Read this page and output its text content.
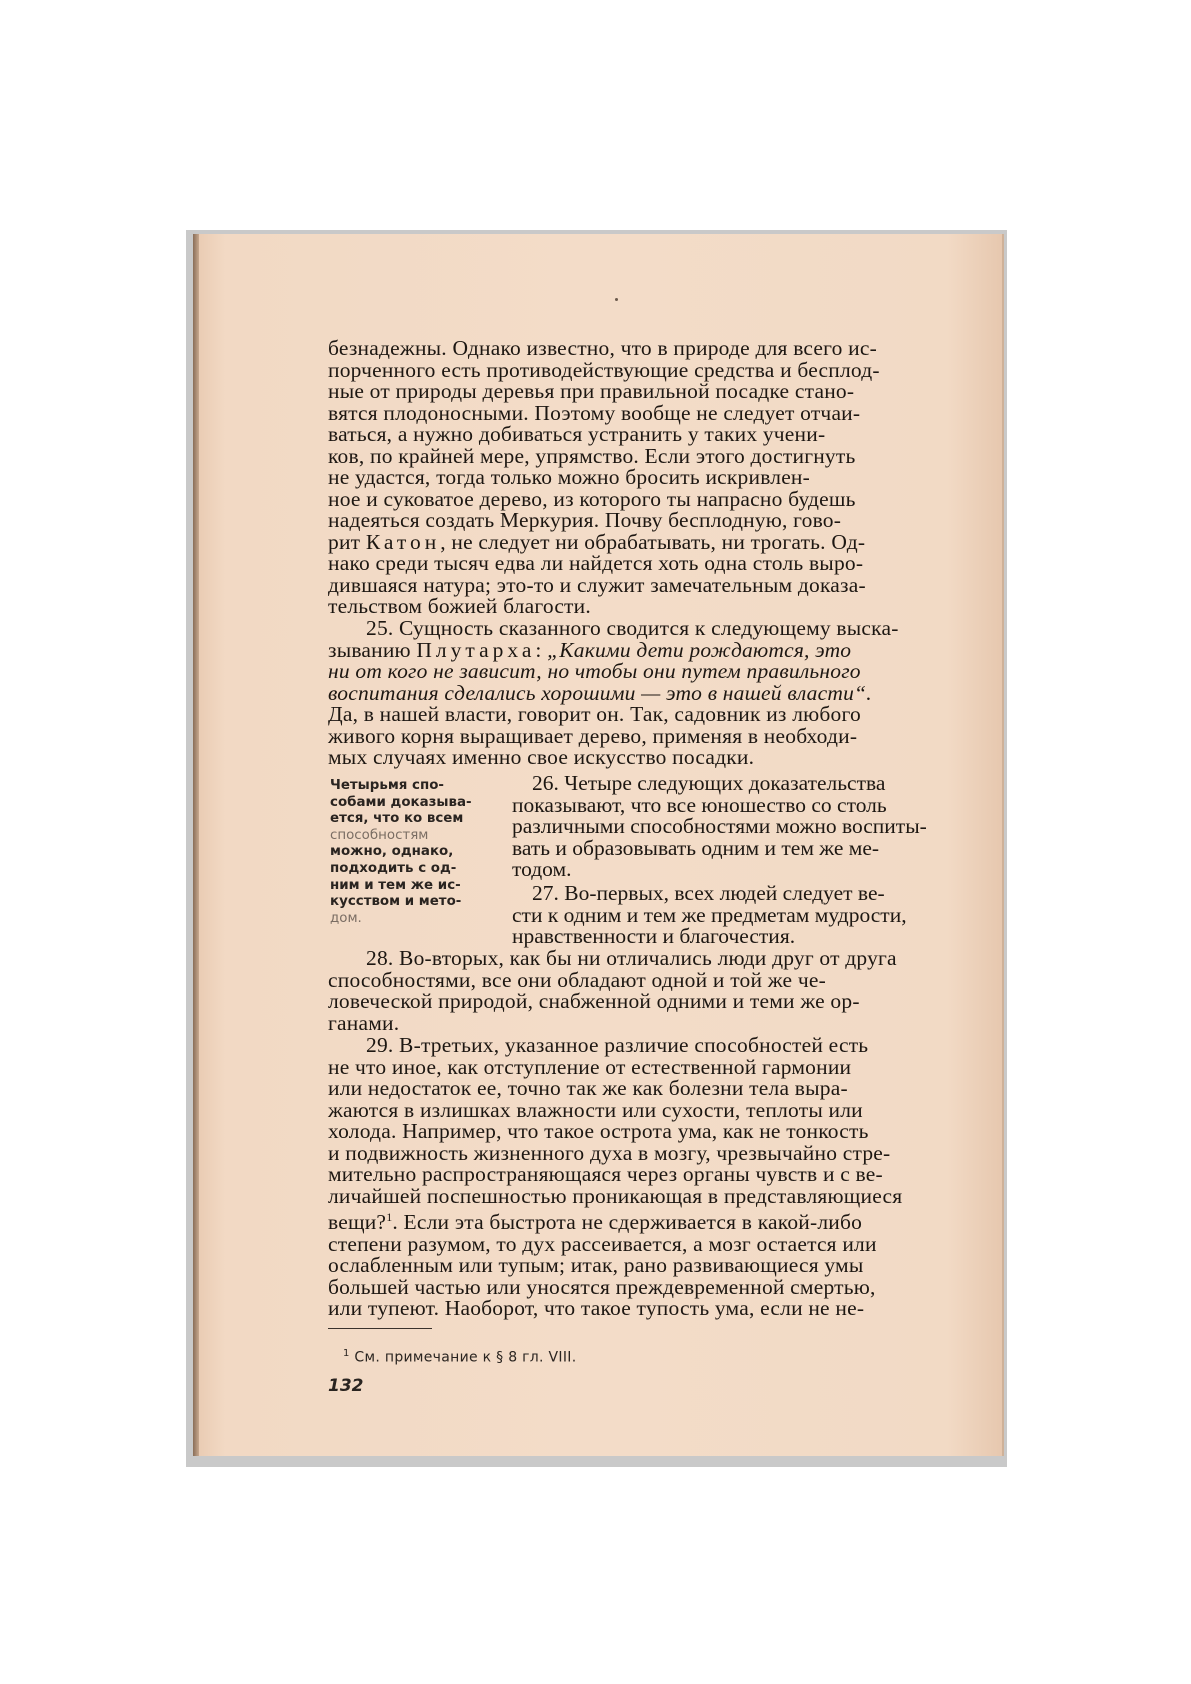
безнадежны. Однако известно, что в природе для всего ис-

порченного есть противодействующие средства и бесплод-

ные от природы деревья при правильной посадке стано-

вятся плодоносными. Поэтому вообще не следует отчаи-

ваться, а нужно добиваться устранить у таких учени-

ков, по крайней мере, упрямство. Если этого достигнуть

не удастся, тогда только можно бросить искривлен-

ное и суковатое дерево, из которого ты напрасно будешь

надеяться создать Меркурия. Почву бесплодную, гово-

рит Катон, не следует ни обрабатывать, ни трогать. Од-

нако среди тысяч едва ли найдется хоть одна столь выро-

дившаяся натура; это-то и служит замечательным доказа-

тельством божией благости.

25. Сущность сказанного сводится к следующему выска-

зыванию Плутарха: „Какими дети рождаются, это

ни от кого не зависит, но чтобы они путем правильного

воспитания сделались хорошими — это в нашей власти“.

Да, в нашей власти, говорит он. Так, садовник из любого

живого корня выращивает дерево, применяя в необходи-

мых случаях именно свое искусство посадки.

Четырьмя спо-
собами доказыва-
ется, что ко всем
способностям
можно, однако,
подходить с од-
ним и тем же ис-
кусством и мето-
дом.

26. Четыре следующих доказательства

показывают, что все юношество со столь

различными способностями можно воспиты-

вать и образовывать одним и тем же ме-

тодом.

27. Во-первых, всех людей следует ве-

сти к одним и тем же предметам мудрости,

нравственности и благочестия.

28. Во-вторых, как бы ни отличались люди друг от друга

способностями, все они обладают одной и той же че-

ловеческой природой, снабженной одними и теми же ор-

ганами.

29. В-третьих, указанное различие способностей есть

не что иное, как отступление от естественной гармонии

или недостаток ее, точно так же как болезни тела выра-

жаются в излишках влажности или сухости, теплоты или

холода. Например, что такое острота ума, как не тонкость

и подвижность жизненного духа в мозгу, чрезвычайно стре-

мительно распространяющаяся через органы чувств и с ве-

личайшей поспешностью проникающая в представляющиеся

вещи?$^1$. Если эта быстрота не сдерживается в какой-либо

степени разумом, то дух рассеивается, а мозг остается или

ослабленным или тупым; итак, рано развивающиеся умы

большей частью или уносятся преждевременной смертью,

или тупеют. Наоборот, что такое тупость ума, если не не-

$^1$ См. примечание к § 8 гл. VIII.
132
